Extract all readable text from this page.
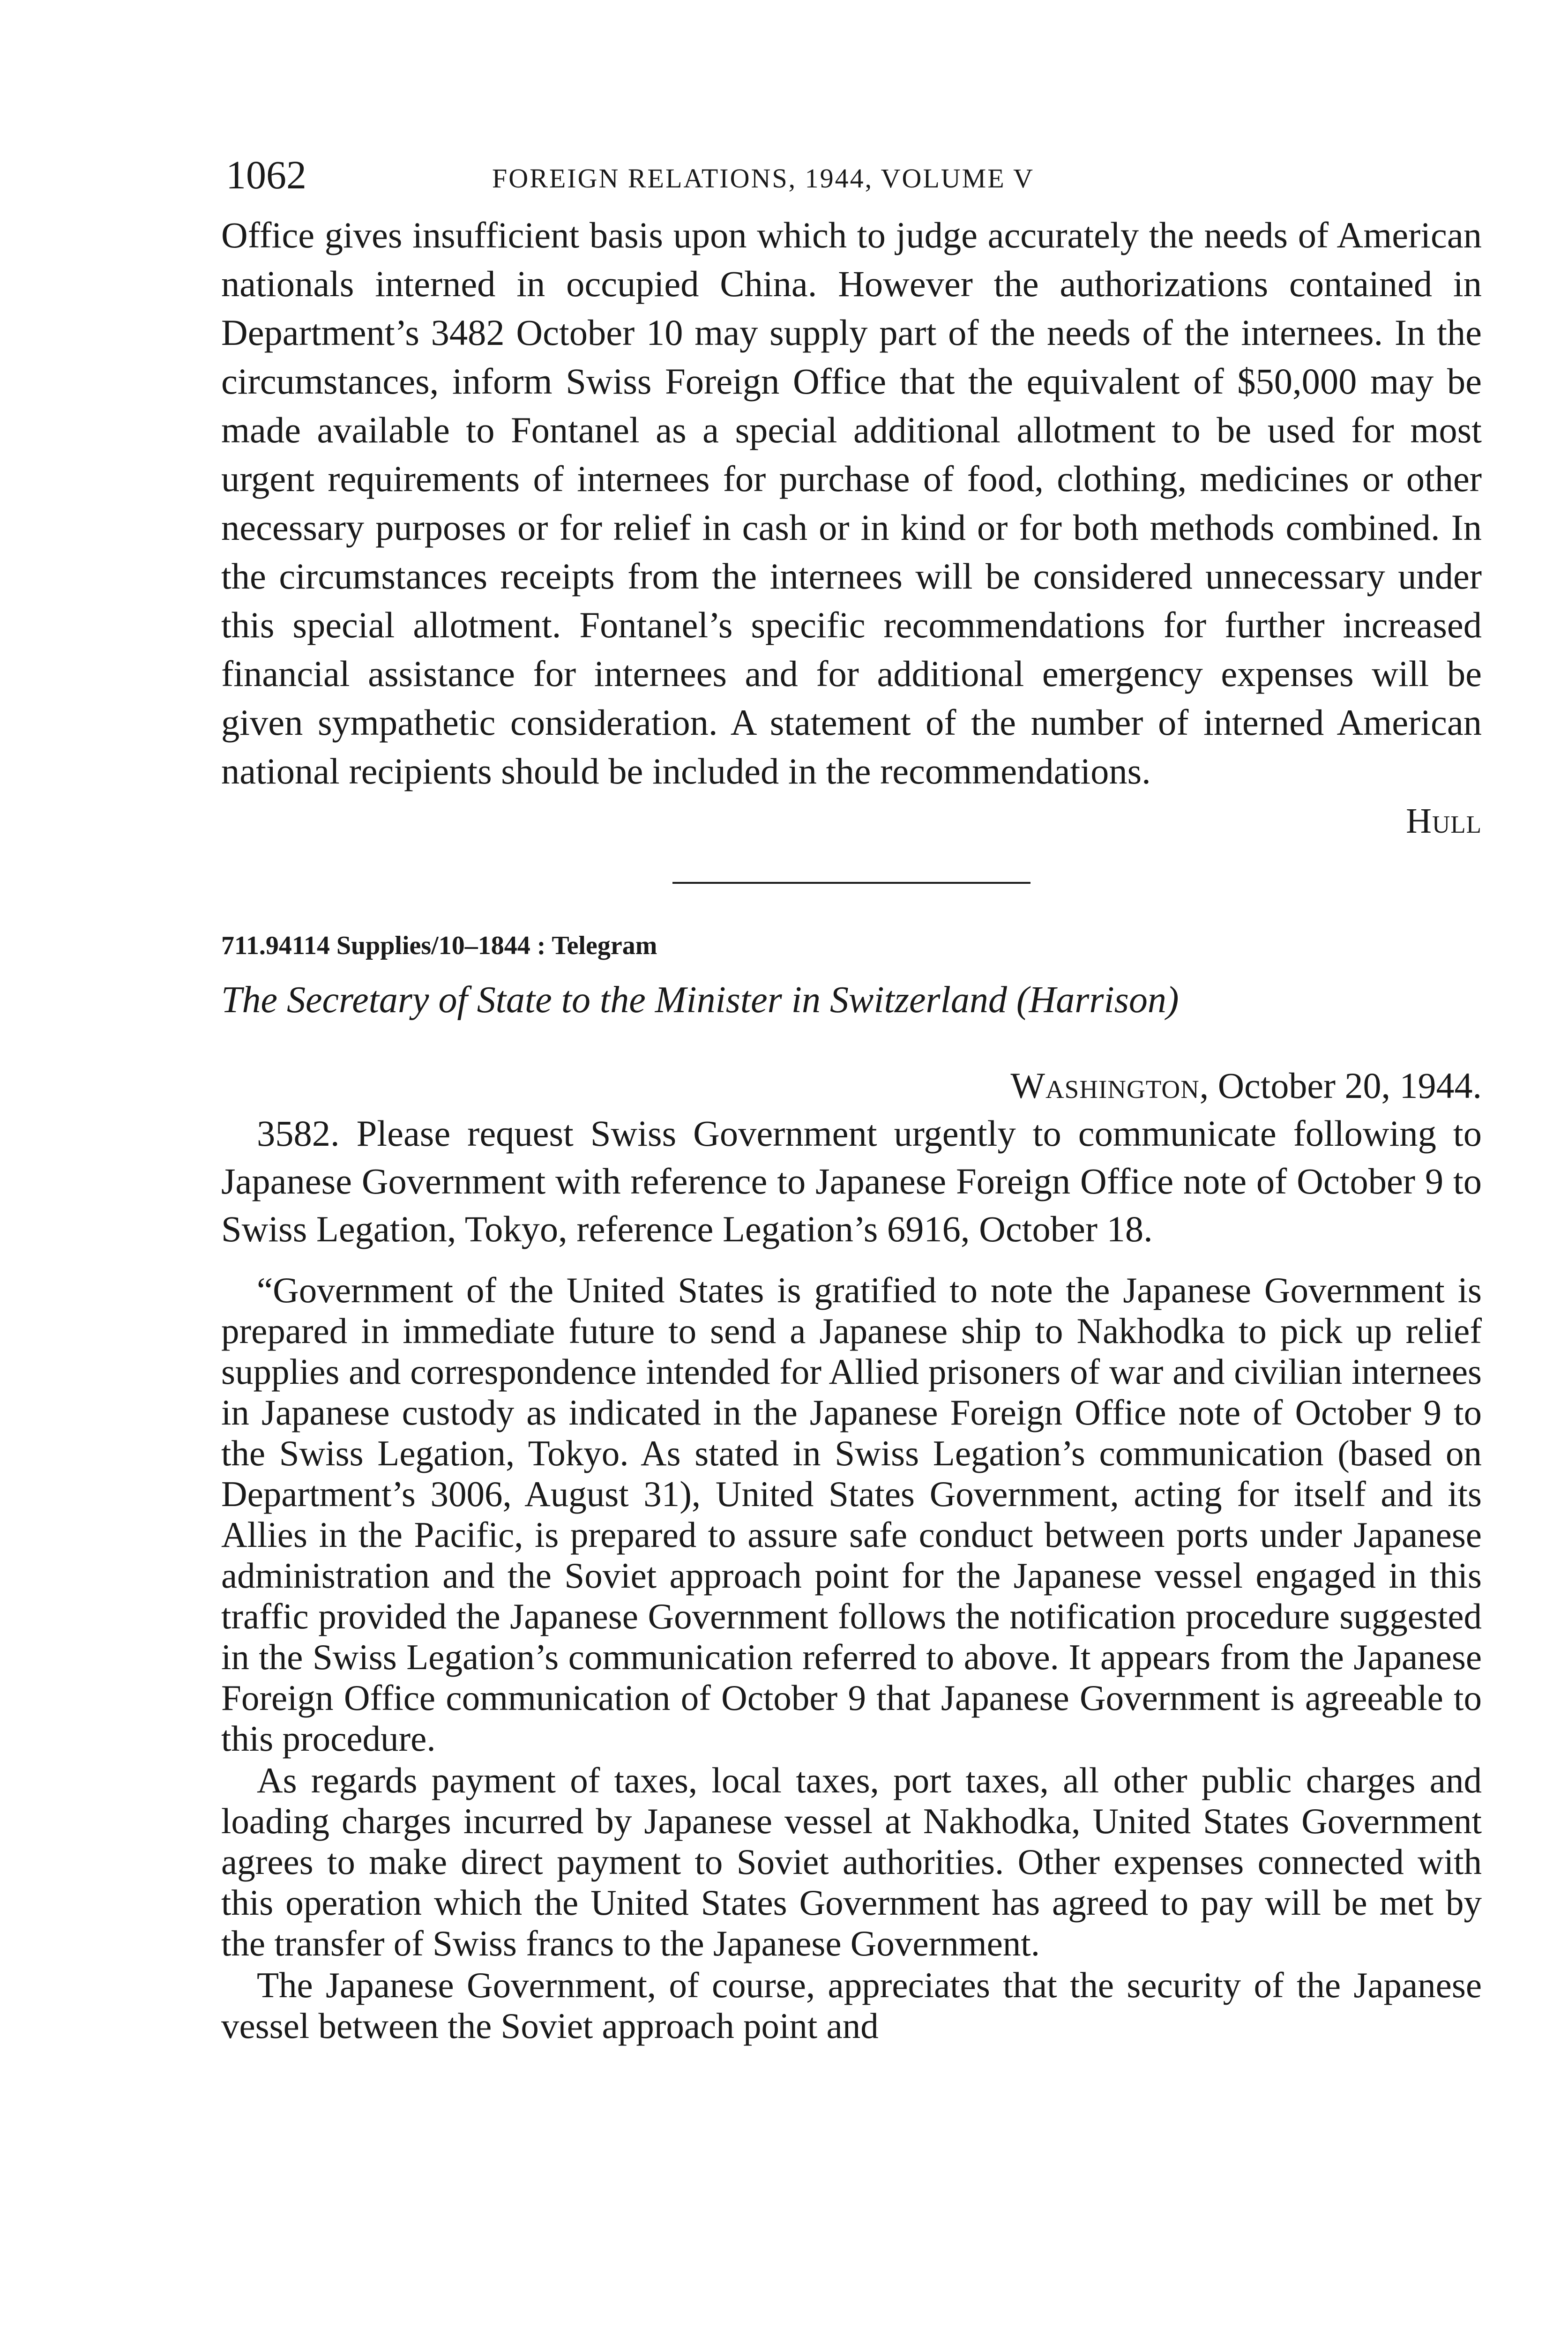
1062	FOREIGN RELATIONS, 1944, VOLUME V

Office gives insufficient basis upon which to judge accurately the needs of American nationals interned in occupied China. However the authorizations contained in Department’s 3482 October 10 may supply part of the needs of the internees. In the circumstances, inform Swiss Foreign Office that the equivalent of $50,000 may be made available to Fontanel as a special additional allotment to be used for most urgent requirements of internees for purchase of food, clothing, medicines or other necessary purposes or for relief in cash or in kind or for both methods combined. In the circumstances receipts from the internees will be considered unnecessary under this special allotment. Fontanel’s specific recommendations for further increased financial assistance for internees and for additional emergency expenses will be given sympathetic consideration. A statement of the number of interned American national recipients should be included in the recommendations.

Hull
711.94114 Supplies/10–1844 : Telegram
The Secretary of State to the Minister in Switzerland (Harrison)
Washington, October 20, 1944.

3582. Please request Swiss Government urgently to communicate following to Japanese Government with reference to Japanese Foreign Office note of October 9 to Swiss Legation, Tokyo, reference Legation’s 6916, October 18.

“Government of the United States is gratified to note the Japanese Government is prepared in immediate future to send a Japanese ship to Nakhodka to pick up relief supplies and correspondence intended for Allied prisoners of war and civilian internees in Japanese custody as indicated in the Japanese Foreign Office note of October 9 to the Swiss Legation, Tokyo. As stated in Swiss Legation’s communication (based on Department’s 3006, August 31), United States Government, acting for itself and its Allies in the Pacific, is prepared to assure safe conduct between ports under Japanese administration and the Soviet approach point for the Japanese vessel engaged in this traffic provided the Japanese Government follows the notification procedure suggested in the Swiss Legation’s communication referred to above. It appears from the Japanese Foreign Office communication of October 9 that Japanese Government is agreeable to this procedure.

As regards payment of taxes, local taxes, port taxes, all other public charges and loading charges incurred by Japanese vessel at Nakhodka, United States Government agrees to make direct payment to Soviet authorities. Other expenses connected with this operation which the United States Government has agreed to pay will be met by the transfer of Swiss francs to the Japanese Government.

The Japanese Government, of course, appreciates that the security of the Japanese vessel between the Soviet approach point and
